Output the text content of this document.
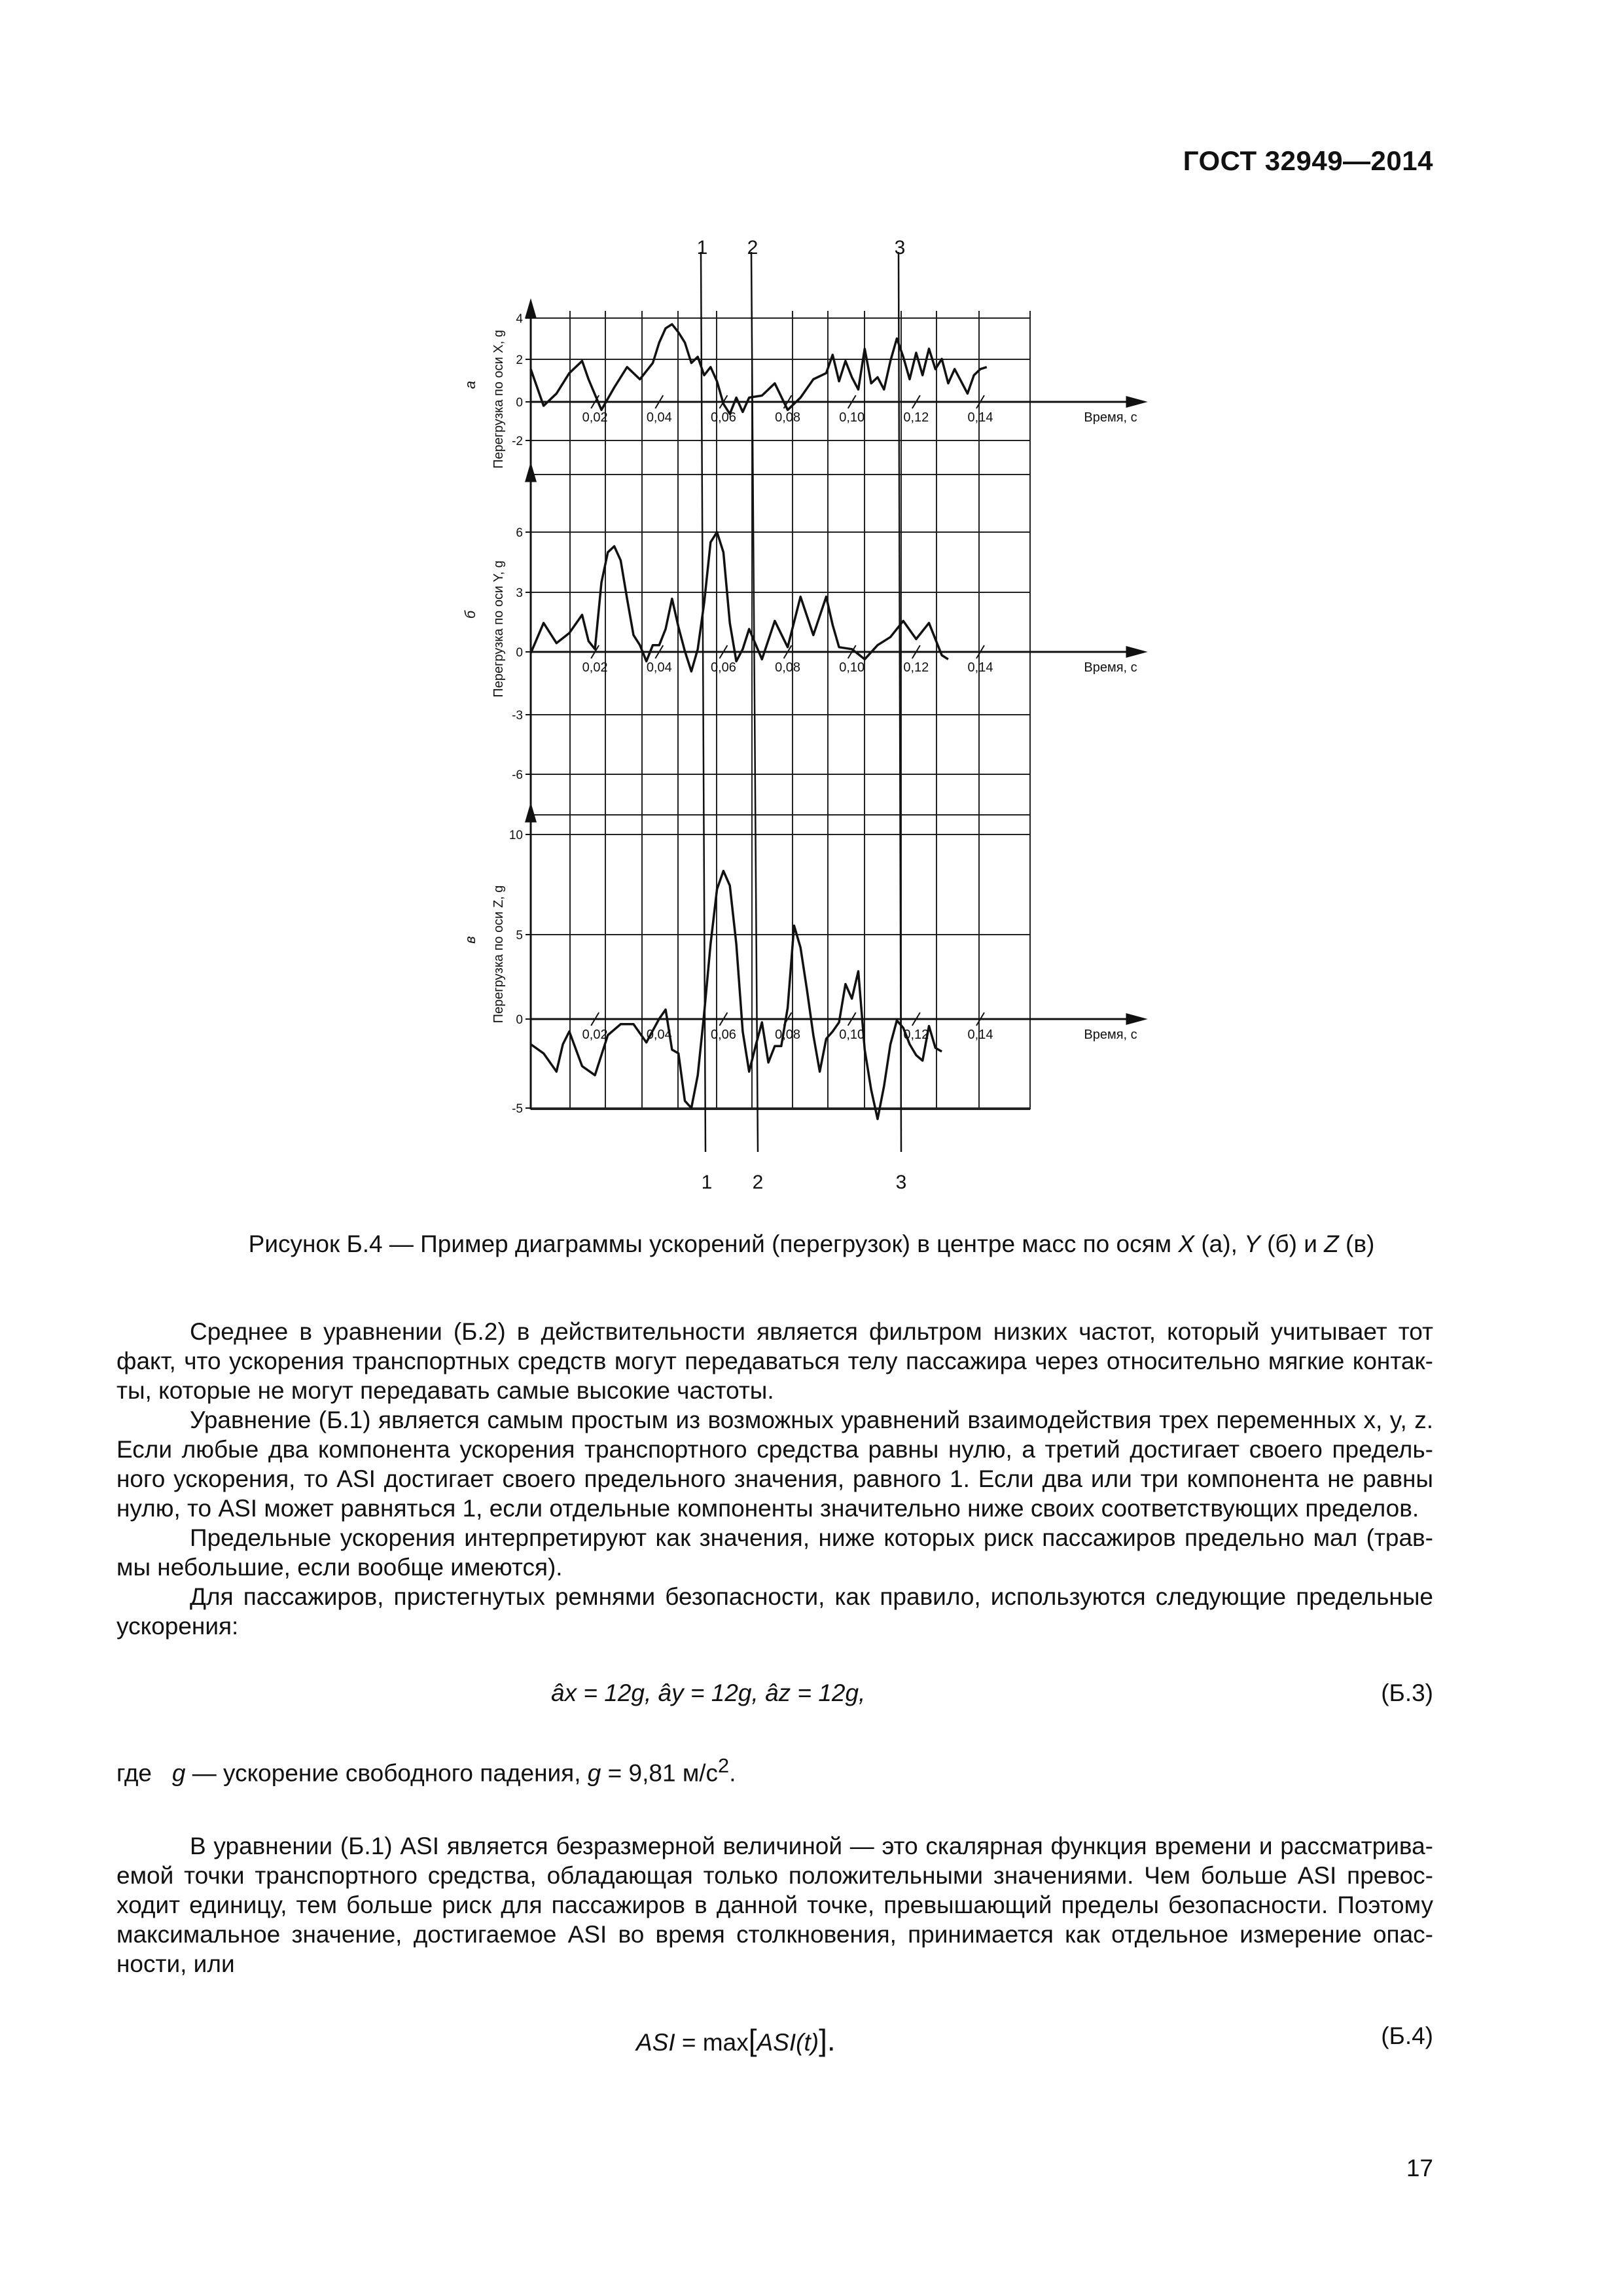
ГОСТ 32949—2014
4
2
0
-2
0,02	0,04	0,06	0,08	0,10	0,12	0,14	Время, с
Перегрузка по оси X, g
а
6
3
0
-3
-6
0,02	0,04	0,06	0,08	0,10	0,12	0,14	Время, с
Перегрузка по оси Y, g
б
10
5
0
-5
0,02	0,04	0,06	0,08	0,10	0,12	0,14	Время, с
Перегрузка по оси Z, g
в
1
1
2
2
3
3
Рисунок Б.4 — Пример диаграммы ускорений (перегрузок) в центре масс по осям X (а), Y (б) и Z (в)

Среднее в уравнении (Б.2) в действительности является фильтром низких частот, который учитывает тот факт, что ускорения транспортных средств могут передаваться телу пассажира через относительно мягкие контак-ты, которые не могут передавать самые высокие частоты.

Уравнение (Б.1) является самым простым из возможных уравнений взаимодействия трех переменных x, y, z. Если любые два компонента ускорения транспортного средства равны нулю, а третий достигает своего предель-ного ускорения, то ASI достигает своего предельного значения, равного 1. Если два или три компонента не равны нулю, то ASI может равняться 1, если отдельные компоненты значительно ниже своих соответствующих пределов.

Предельные ускорения интерпретируют как значения, ниже которых риск пассажиров предельно мал (трав-мы небольшие, если вообще имеются).

Для пассажиров, пристегнутых ремнями безопасности, как правило, используются следующие предельные ускорения:

âx = 12g, ây = 12g, âz = 12g,	(Б.3)
где g — ускорение свободного падения, g = 9,81 $м/с^2$.

В уравнении (Б.1) ASI является безразмерной величиной — это скалярная функция времени и рассматрива-емой точки транспортного средства, обладающая только положительными значениями. Чем больше ASI превос-ходит единицу, тем больше риск для пассажиров в данной точке, превышающий пределы безопасности. Поэтому максимальное значение, достигаемое ASI во время столкновения, принимается как отдельное измерение опас-ности, или

ASI = max[ASI(t)].	(Б.4)
17
